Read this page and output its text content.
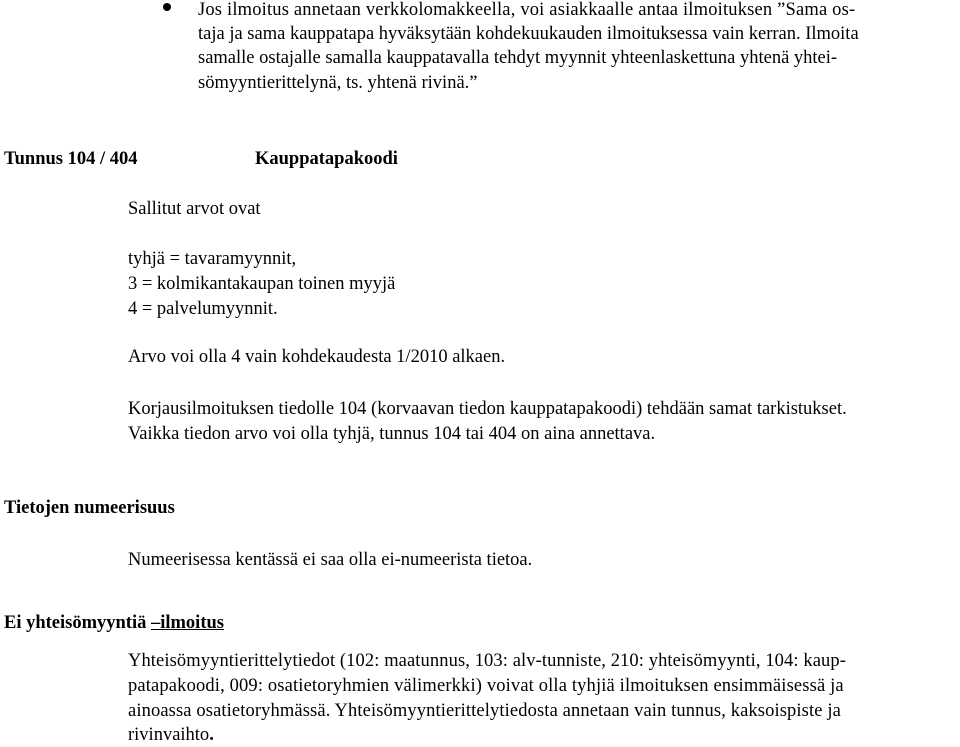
Jos ilmoitus annetaan verkkolomakkeella, voi asiakkaalle antaa ilmoituksen ”Sama os-
taja ja sama kauppatapa hyväksytään kohdekuukauden ilmoituksessa vain kerran. Ilmoita
samalle ostajalle samalla kauppatavalla tehdyt myynnit yhteenlaskettuna yhtenä yhtei-
sömyyntierittelynä, ts. yhtenä rivinä.”
Tunnus 104 / 404	Kauppatapakoodi
Sallitut arvot ovat
tyhjä = tavaramyynnit,
3 = kolmikantakaupan toinen myyjä
4 = palvelumyynnit.
Arvo voi olla 4 vain kohdekaudesta 1/2010 alkaen.
Korjausilmoituksen tiedolle 104 (korvaavan tiedon kauppatapakoodi) tehdään samat tarkistukset.
Vaikka tiedon arvo voi olla tyhjä, tunnus 104 tai 404 on aina annettava.
Tietojen numeerisuus
Numeerisessa kentässä ei saa olla ei-numeerista tietoa.
Ei yhteisömyyntiä –ilmoitus
Yhteisömyyntierittelytiedot (102: maatunnus, 103: alv-tunniste, 210: yhteisömyynti, 104: kaup-
patapakoodi, 009: osatietoryhmien välimerkki) voivat olla tyhjiä ilmoituksen ensimmäisessä ja
ainoassa osatietoryhmässä. Yhteisömyyntierittelytiedosta annetaan vain tunnus, kaksoispiste ja
rivinvaihto.
